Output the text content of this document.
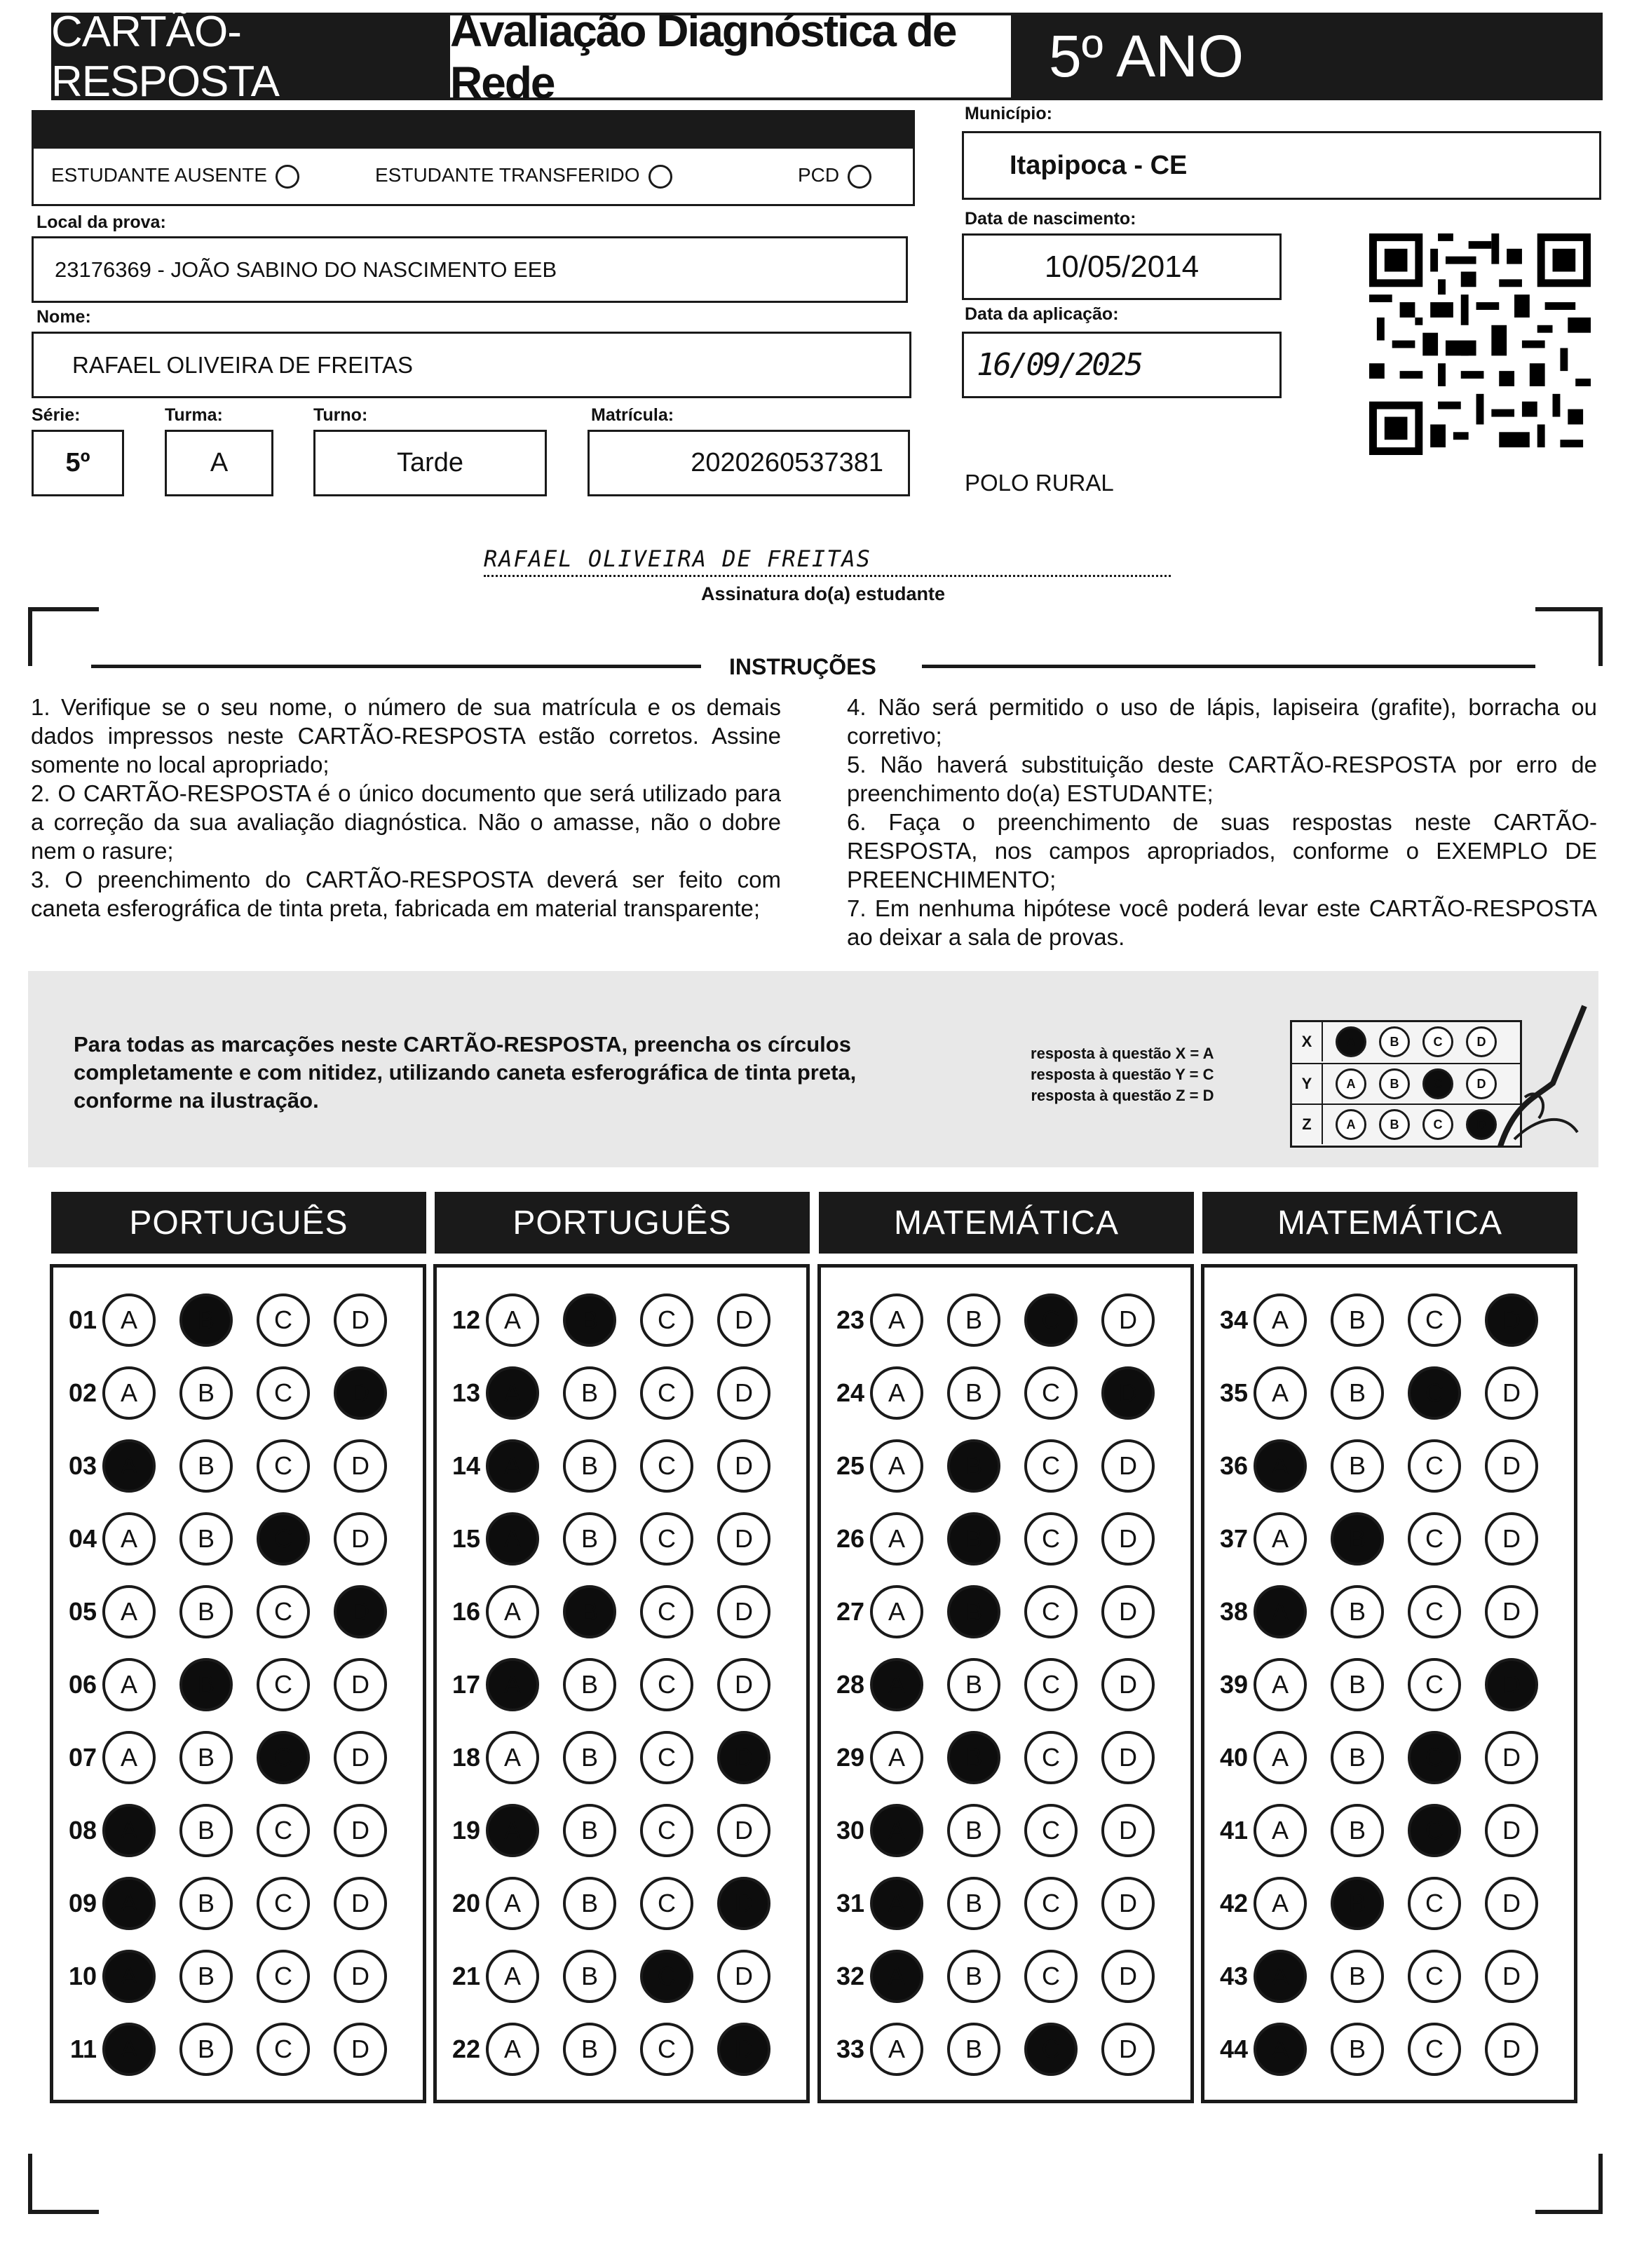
CARTÃO-RESPOSTA
Avaliação Diagnóstica de Rede	5º ANO
ESTUDANTE AUSENTE	ESTUDANTE TRANSFERIDO	PCD
Local da prova:
23176369 - JOÃO SABINO DO NASCIMENTO EEB
Nome:
RAFAEL OLIVEIRA DE FREITAS
Série:	Turma:	Turno:	Matrícula:
5º	A	Tarde	2020260537381
Município:
Itapipoca - CE
Data de nascimento:
10/05/2014
Data da aplicação:
16/09/2025
POLO RURAL
RAFAEL OLIVEIRA DE FREITAS
Assinatura do(a) estudante
INSTRUÇÕES
1. Verifique se o seu nome, o número de sua matrícula e os demais dados impressos neste CARTÃO-RESPOSTA estão corretos. Assine somente no local apropriado;
2. O CARTÃO-RESPOSTA é o único documento que será utilizado para a correção da sua avaliação diagnóstica. Não o amasse, não o dobre nem o rasure;
3. O preenchimento do CARTÃO-RESPOSTA deverá ser feito com caneta esferográfica de tinta preta, fabricada em material transparente;
4. Não será permitido o uso de lápis, lapiseira (grafite), borracha ou corretivo;
5. Não haverá substituição deste CARTÃO-RESPOSTA por erro de preenchimento do(a) ESTUDANTE;
6. Faça o preenchimento de suas respostas neste CARTÃO-RESPOSTA, nos campos apropriados, conforme o EXEMPLO DE PREENCHIMENTO;
7. Em nenhuma hipótese você poderá levar este CARTÃO-RESPOSTA ao deixar a sala de provas.
Para todas as marcações neste CARTÃO-RESPOSTA, preencha os círculos completamente e com nitidez, utilizando caneta esferográfica de tinta preta, conforme na ilustração.
resposta à questão X = A
resposta à questão Y = C
resposta à questão Z = D
X	A	B	C	D
Y	A	B	C	D
Z	A	B	C	D
PORTUGUÊS
01 A	B	C	D
02 A	B	C	D
03 A	B	C	D
04 A	B	C	D
05 A	B	C	D
06 A	B	C	D
07 A	B	C	D
08 A	B	C	D
09 A	B	C	D
10 A	B	C	D
11 A	B	C	D
PORTUGUÊS
12 A	B	C	D
13 A	B	C	D
14 A	B	C	D
15 A	B	C	D
16 A	B	C	D
17 A	B	C	D
18 A	B	C	D
19 A	B	C	D
20 A	B	C	D
21 A	B	C	D
22 A	B	C	D
MATEMÁTICA
23 A	B	C	D
24 A	B	C	D
25 A	B	C	D
26 A	B	C	D
27 A	B	C	D
28 A	B	C	D
29 A	B	C	D
30 A	B	C	D
31 A	B	C	D
32 A	B	C	D
33 A	B	C	D
MATEMÁTICA
34 A	B	C	D
35 A	B	C	D
36 A	B	C	D
37 A	B	C	D
38 A	B	C	D
39 A	B	C	D
40 A	B	C	D
41 A	B	C	D
42 A	B	C	D
43 A	B	C	D
44 A	B	C	D
